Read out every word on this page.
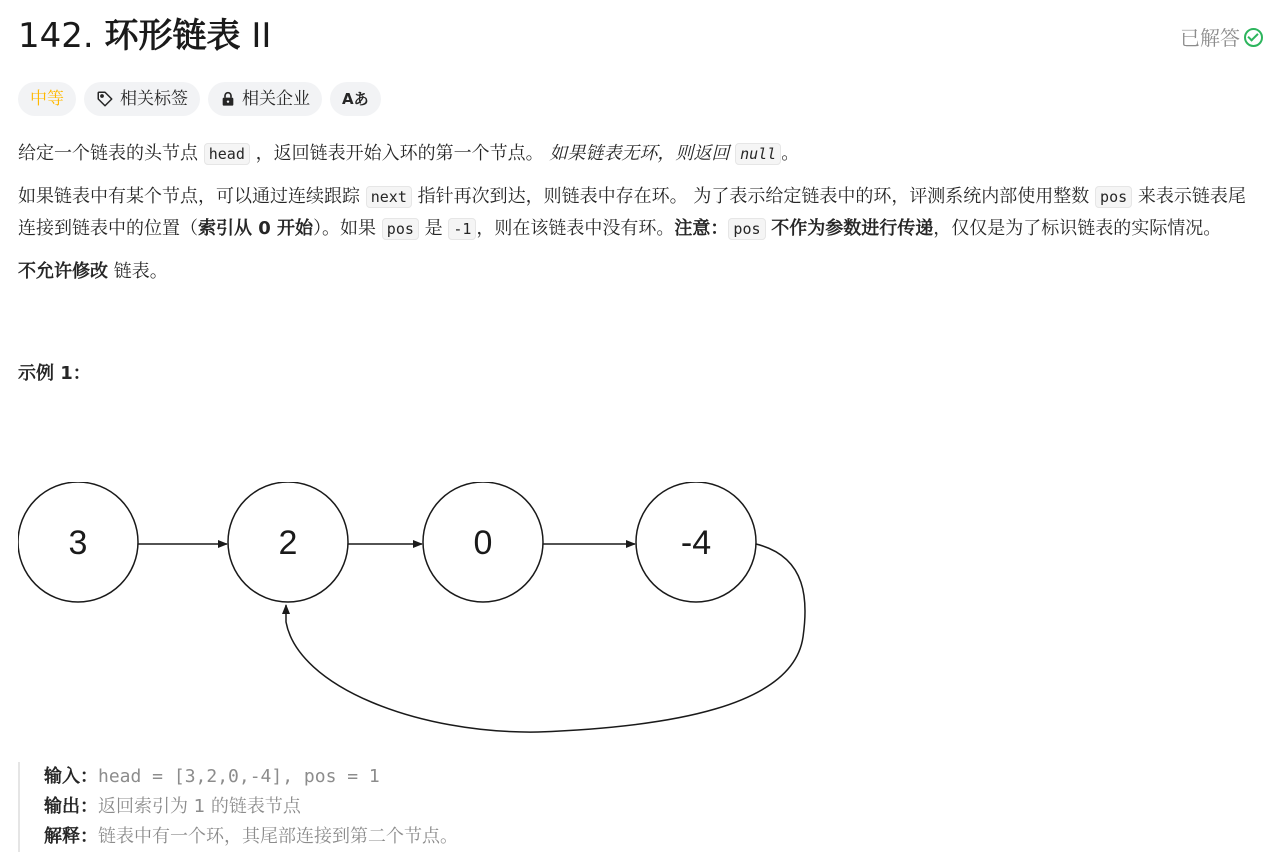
142. 环形链表 II	已解答
中等	相关标签	相关企业 Aあ

给定一个链表的头节点 head ，返回链表开始入环的第一个节点。 如果链表无环，则返回 null 。

如果链表中有某个节点，可以通过连续跟踪 next 指针再次到达，则链表中存在环。 为了表示给定链表中的环，评测系统内部使用整数 pos 来表示链表尾连接到链表中的位置（索引从 0 开始）。如果 pos 是 -1 ，则在该链表中没有环。注意： pos 不作为参数进行传递，仅仅是为了标识链表的实际情况。

不允许修改 链表。

示例 1：
3	2	0	-4
输入：head = [3,2,0,-4], pos = 1
输出：返回索引为 1 的链表节点
解释：链表中有一个环，其尾部连接到第二个节点。
